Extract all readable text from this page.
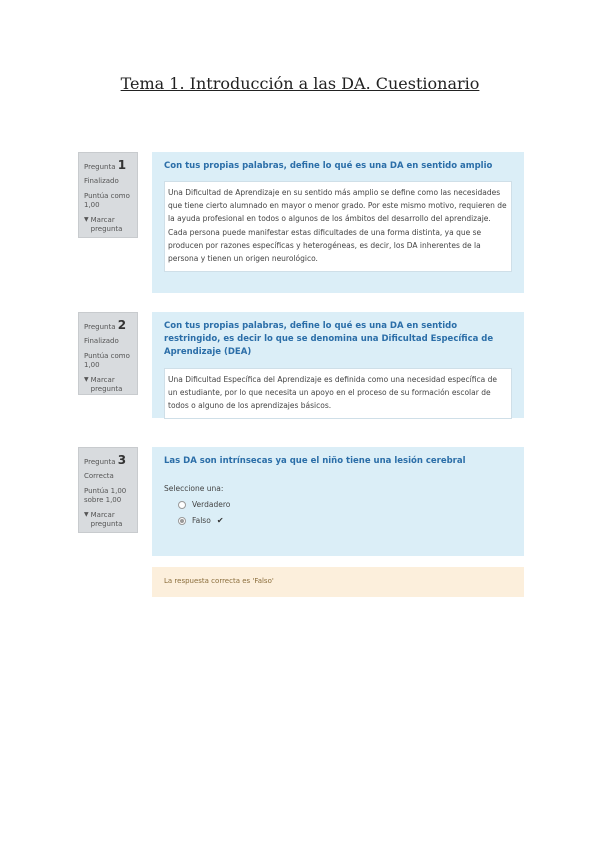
Tema 1. Introducción a las DA. Cuestionario
Pregunta 1
Finalizado
Puntúa como 1,00
▼ Marcar pregunta
Con tus propias palabras, define lo qué es una DA en sentido amplio
Una Dificultad de Aprendizaje en su sentido más amplio se define como las necesidades que tiene cierto alumnado en mayor o menor grado. Por este mismo motivo, requieren de la ayuda profesional en todos o algunos de los ámbitos del desarrollo del aprendizaje. Cada persona puede manifestar estas dificultades de una forma distinta, ya que se producen por razones específicas y heterogéneas, es decir, los DA inherentes de la persona y tienen un origen neurológico.
Pregunta 2
Finalizado
Puntúa como 1,00
▼ Marcar pregunta
Con tus propias palabras, define lo qué es una DA en sentido restringido, es decir lo que se denomina una Dificultad Específica de Aprendizaje (DEA)
Una Dificultad Específica del Aprendizaje es definida como una necesidad específica de un estudiante, por lo que necesita un apoyo en el proceso de su formación escolar de todos o alguno de los aprendizajes básicos.
Pregunta 3
Correcta
Puntúa 1,00 sobre 1,00
▼ Marcar pregunta
Las DA son intrínsecas ya que el niño tiene una lesión cerebral
Seleccione una:
Verdadero
Falso ✔
La respuesta correcta es 'Falso'
